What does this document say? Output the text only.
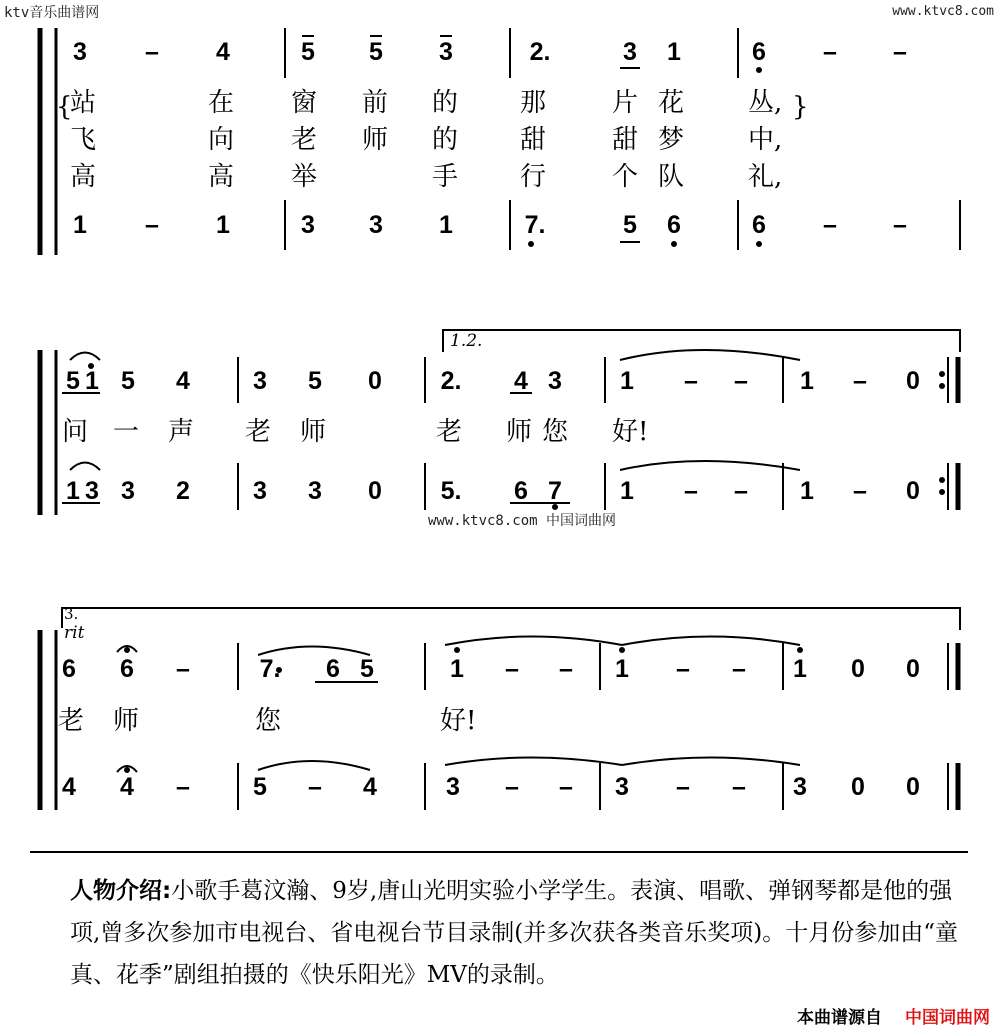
ktv音乐曲谱网	www.ktvc8.com
3	–	4	5	5	3	2.	3	1	6	–	–
{	}
站	在 窗 前 的 那	片 花 丛,
飞	向 老 师 的 甜	甜 梦 中,
高	高 举	手 行	个 队 礼,
1	–	1	3	3	1	7.	5	6	6	–	–
1.2.
5 1 5	4	3	5	0	2.	4 3	1	–	–	1	–	0
问 一 声 老 师	老 师 您 好!
1 3 3	2	3	3	0	5.	6 7	1	–	–	1	–	0
www.ktvc8.com 中国词曲网
3.
rit
6	6	–	7.	6 5	1	–	–	1	–	–	1	0	0
老 师	您	好!
4	4	–	5	–	4	3	–	–	3	–	–	3	0	0
人物介绍:小歌手葛汶瀚、9岁,唐山光明实验小学学生。表演、唱歌、弹钢琴都是他的强项,曾多次参加市电视台、省电视台节目录制(并多次获各类音乐奖项)。十月份参加由“童真、花季”剧组拍摄的《快乐阳光》MV的录制。
本曲谱源自 中国词曲网
